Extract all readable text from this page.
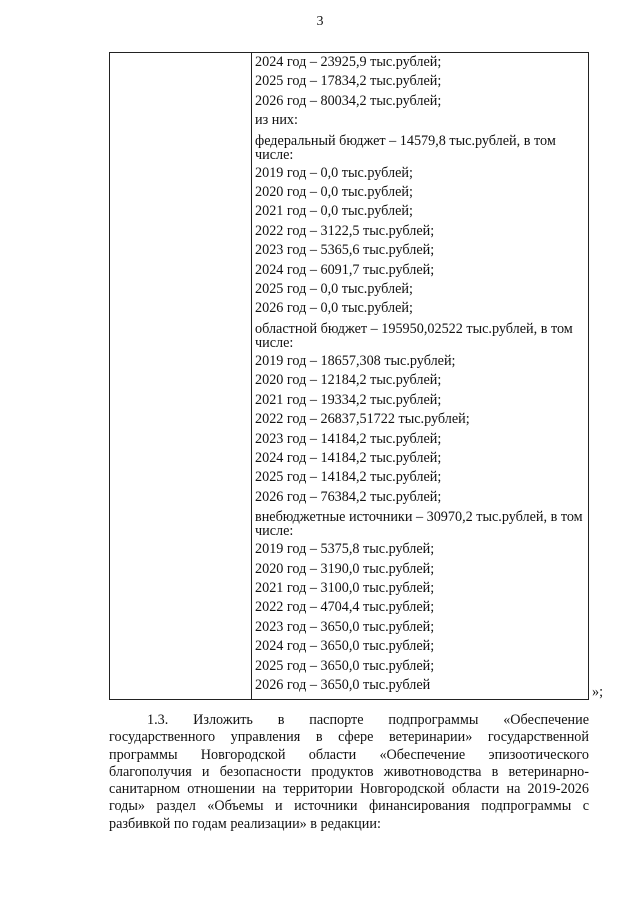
3
2024 год – 23925,9 тыс.рублей;
2025 год – 17834,2 тыс.рублей;
2026 год – 80034,2 тыс.рублей;
из них:
федеральный бюджет – 14579,8 тыс.рублей, в том числе:
2019 год – 0,0 тыс.рублей;
2020 год – 0,0 тыс.рублей;
2021 год – 0,0 тыс.рублей;
2022 год – 3122,5 тыс.рублей;
2023 год – 5365,6 тыс.рублей;
2024 год – 6091,7 тыс.рублей;
2025 год – 0,0 тыс.рублей;
2026 год – 0,0 тыс.рублей;
областной бюджет – 195950,02522 тыс.рублей, в том числе:
2019 год – 18657,308 тыс.рублей;
2020 год – 12184,2 тыс.рублей;
2021 год – 19334,2 тыс.рублей;
2022 год – 26837,51722 тыс.рублей;
2023 год – 14184,2 тыс.рублей;
2024 год – 14184,2 тыс.рублей;
2025 год – 14184,2 тыс.рублей;
2026 год – 76384,2 тыс.рублей;
внебюджетные источники – 30970,2 тыс.рублей, в том числе:
2019 год – 5375,8 тыс.рублей;
2020 год – 3190,0 тыс.рублей;
2021 год – 3100,0 тыс.рублей;
2022 год – 4704,4 тыс.рублей;
2023 год – 3650,0 тыс.рублей;
2024 год – 3650,0 тыс.рублей;
2025 год – 3650,0 тыс.рублей;
2026 год – 3650,0 тыс.рублей	»;
1.3. Изложить в паспорте подпрограммы «Обеспечение государственного управления в сфере ветеринарии» государственной программы Новгородской области «Обеспечение эпизоотического благополучия и безопасности продуктов животноводства в ветеринарно-санитарном отношении на территории Новгородской области на 2019-2026 годы» раздел «Объемы и источники финансирования подпрограммы с разбивкой по годам реализации» в редакции:
